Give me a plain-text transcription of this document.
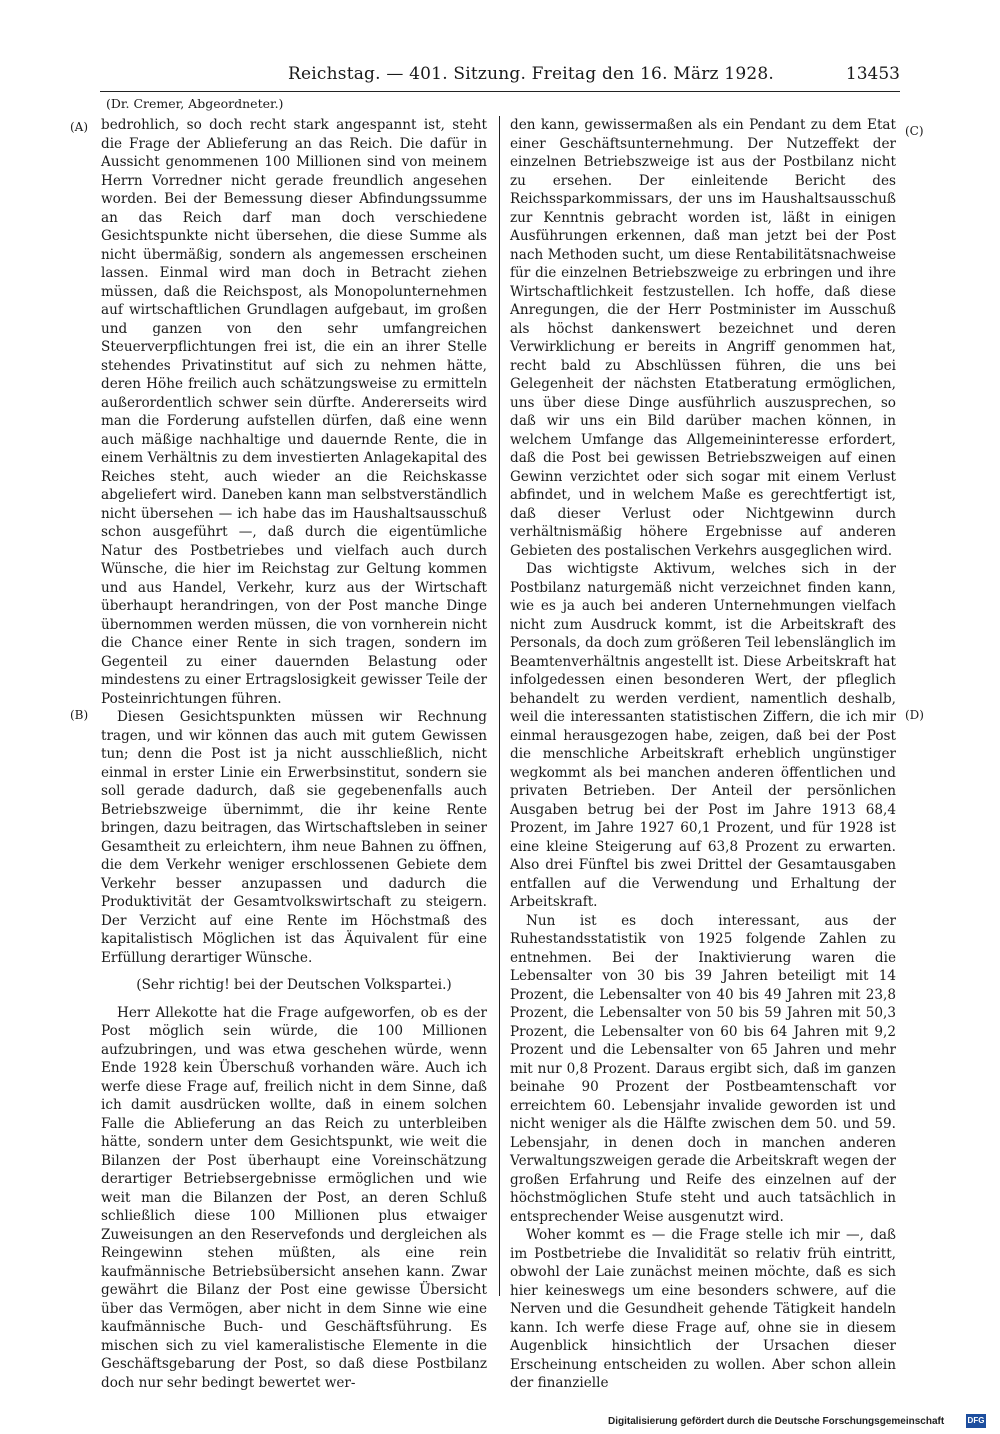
Reichstag. — 401. Sitzung. Freitag den 16. März 1928.	13453
(Dr. Cremer, Abgeordneter.)
(A)
(B)
(C)
(D)

bedrohlich, so doch recht stark angespannt ist, steht die Frage der Ablieferung an das Reich. Die dafür in Aussicht genommenen 100 Millionen sind von meinem Herrn Vorredner nicht gerade freundlich angesehen worden. Bei der Bemessung dieser Abfindungssumme an das Reich darf man doch verschiedene Gesichtspunkte nicht übersehen, die diese Summe als nicht übermäßig, sondern als angemessen erscheinen lassen. Einmal wird man doch in Betracht ziehen müssen, daß die Reichspost, als Monopolunternehmen auf wirtschaftlichen Grundlagen aufgebaut, im großen und ganzen von den sehr umfangreichen Steuerverpflichtungen frei ist, die ein an ihrer Stelle stehendes Privatinstitut auf sich zu nehmen hätte, deren Höhe freilich auch schätzungsweise zu ermitteln außerordentlich schwer sein dürfte. Andererseits wird man die Forderung aufstellen dürfen, daß eine wenn auch mäßige nachhaltige und dauernde Rente, die in einem Verhältnis zu dem investierten Anlagekapital des Reiches steht, auch wieder an die Reichskasse abgeliefert wird. Daneben kann man selbstverständlich nicht übersehen — ich habe das im Haushaltsausschuß schon ausgeführt —, daß durch die eigentümliche Natur des Postbetriebes und vielfach auch durch Wünsche, die hier im Reichstag zur Geltung kommen und aus Handel, Verkehr, kurz aus der Wirtschaft überhaupt herandringen, von der Post manche Dinge übernommen werden müssen, die von vornherein nicht die Chance einer Rente in sich tragen, sondern im Gegenteil zu einer dauernden Belastung oder mindestens zu einer Ertragslosigkeit gewisser Teile der Posteinrichtungen führen.

Diesen Gesichtspunkten müssen wir Rechnung tragen, und wir können das auch mit gutem Gewissen tun; denn die Post ist ja nicht ausschließlich, nicht einmal in erster Linie ein Erwerbsinstitut, sondern sie soll gerade dadurch, daß sie gegebenenfalls auch Betriebszweige übernimmt, die ihr keine Rente bringen, dazu beitragen, das Wirtschaftsleben in seiner Gesamtheit zu erleichtern, ihm neue Bahnen zu öffnen, die dem Verkehr weniger erschlossenen Gebiete dem Verkehr besser anzupassen und dadurch die Produktivität der Gesamtvolkswirtschaft zu steigern. Der Verzicht auf eine Rente im Höchstmaß des kapitalistisch Möglichen ist das Äquivalent für eine Erfüllung derartiger Wünsche.

(Sehr richtig! bei der Deutschen Volkspartei.)

Herr Allekotte hat die Frage aufgeworfen, ob es der Post möglich sein würde, die 100 Millionen aufzubringen, und was etwa geschehen würde, wenn Ende 1928 kein Überschuß vorhanden wäre. Auch ich werfe diese Frage auf, freilich nicht in dem Sinne, daß ich damit ausdrücken wollte, daß in einem solchen Falle die Ablieferung an das Reich zu unterbleiben hätte, sondern unter dem Gesichtspunkt, wie weit die Bilanzen der Post überhaupt eine Voreinschätzung derartiger Betriebsergebnisse ermöglichen und wie weit man die Bilanzen der Post, an deren Schluß schließlich diese 100 Millionen plus etwaiger Zuweisungen an den Reservefonds und dergleichen als Reingewinn stehen müßten, als eine rein kaufmännische Betriebsübersicht ansehen kann. Zwar gewährt die Bilanz der Post eine gewisse Übersicht über das Vermögen, aber nicht in dem Sinne wie eine kaufmännische Buch- und Geschäftsführung. Es mischen sich zu viel kameralistische Elemente in die Geschäftsgebarung der Post, so daß diese Postbilanz doch nur sehr bedingt bewertet wer-

den kann, gewissermaßen als ein Pendant zu dem Etat einer Geschäftsunternehmung. Der Nutzeffekt der einzelnen Betriebszweige ist aus der Postbilanz nicht zu ersehen. Der einleitende Bericht des Reichssparkommissars, der uns im Haushaltsausschuß zur Kenntnis gebracht worden ist, läßt in einigen Ausführungen erkennen, daß man jetzt bei der Post nach Methoden sucht, um diese Rentabilitätsnachweise für die einzelnen Betriebszweige zu erbringen und ihre Wirtschaftlichkeit festzustellen. Ich hoffe, daß diese Anregungen, die der Herr Postminister im Ausschuß als höchst dankenswert bezeichnet und deren Verwirklichung er bereits in Angriff genommen hat, recht bald zu Abschlüssen führen, die uns bei Gelegenheit der nächsten Etatberatung ermöglichen, uns über diese Dinge ausführlich auszusprechen, so daß wir uns ein Bild darüber machen können, in welchem Umfange das Allgemeininteresse erfordert, daß die Post bei gewissen Betriebszweigen auf einen Gewinn verzichtet oder sich sogar mit einem Verlust abfindet, und in welchem Maße es gerechtfertigt ist, daß dieser Verlust oder Nichtgewinn durch verhältnismäßig höhere Ergebnisse auf anderen Gebieten des postalischen Verkehrs ausgeglichen wird.

Das wichtigste Aktivum, welches sich in der Postbilanz naturgemäß nicht verzeichnet finden kann, wie es ja auch bei anderen Unternehmungen vielfach nicht zum Ausdruck kommt, ist die Arbeitskraft des Personals, da doch zum größeren Teil lebenslänglich im Beamtenverhältnis angestellt ist. Diese Arbeitskraft hat infolgedessen einen besonderen Wert, der pfleglich behandelt zu werden verdient, namentlich deshalb, weil die interessanten statistischen Ziffern, die ich mir einmal herausgezogen habe, zeigen, daß bei der Post die menschliche Arbeitskraft erheblich ungünstiger wegkommt als bei manchen anderen öffentlichen und privaten Betrieben. Der Anteil der persönlichen Ausgaben betrug bei der Post im Jahre 1913 68,4 Prozent, im Jahre 1927 60,1 Prozent, und für 1928 ist eine kleine Steigerung auf 63,8 Prozent zu erwarten. Also drei Fünftel bis zwei Drittel der Gesamtausgaben entfallen auf die Verwendung und Erhaltung der Arbeitskraft.

Nun ist es doch interessant, aus der Ruhestandsstatistik von 1925 folgende Zahlen zu entnehmen. Bei der Inaktivierung waren die Lebensalter von 30 bis 39 Jahren beteiligt mit 14 Prozent, die Lebensalter von 40 bis 49 Jahren mit 23,8 Prozent, die Lebensalter von 50 bis 59 Jahren mit 50,3 Prozent, die Lebensalter von 60 bis 64 Jahren mit 9,2 Prozent und die Lebensalter von 65 Jahren und mehr mit nur 0,8 Prozent. Daraus ergibt sich, daß im ganzen beinahe 90 Prozent der Postbeamtenschaft vor erreichtem 60. Lebensjahr invalide geworden ist und nicht weniger als die Hälfte zwischen dem 50. und 59. Lebensjahr, in denen doch in manchen anderen Verwaltungszweigen gerade die Arbeitskraft wegen der großen Erfahrung und Reife des einzelnen auf der höchstmöglichen Stufe steht und auch tatsächlich in entsprechender Weise ausgenutzt wird.

Woher kommt es — die Frage stelle ich mir —, daß im Postbetriebe die Invalidität so relativ früh eintritt, obwohl der Laie zunächst meinen möchte, daß es sich hier keineswegs um eine besonders schwere, auf die Nerven und die Gesundheit gehende Tätigkeit handeln kann. Ich werfe diese Frage auf, ohne sie in diesem Augenblick hinsichtlich der Ursachen dieser Erscheinung entscheiden zu wollen. Aber schon allein der finanzielle

Digitalisierung gefördert durch die Deutsche Forschungsgemeinschaft	DFG
